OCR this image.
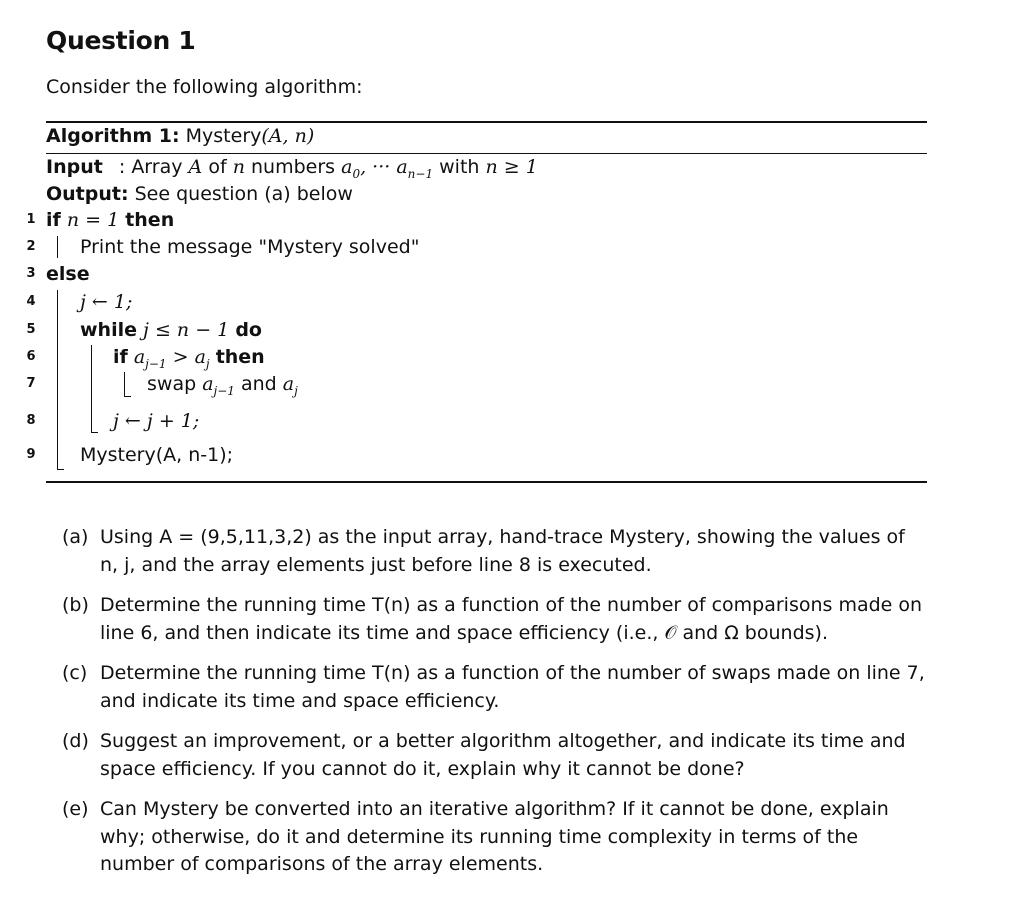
Question 1
Consider the following algorithm:
Algorithm 1: Mystery(A, n)
Input : Array A of n numbers $a_0$, ··· $a_{n-1}$ with n ≥ 1
Output: See question (a) below
1
2
3
4
5
6
7
8
9
if n = 1 then
Print the message "Mystery solved"
else
j ← 1;
while j ≤ n − 1 do
if $a_{j-1} > a_j$ then
swap $a_{j-1}$ and $a_j$
j ← j + 1;
Mystery(A, n-1);
(a) Using A = (9,5,11,3,2) as the input array, hand-trace Mystery, showing the values of n, j, and the array elements just before line 8 is executed.
(b) Determine the running time T(n) as a function of the number of comparisons made on line 6, and then indicate its time and space efficiency (i.e., 𝒪 and Ω bounds).
(c) Determine the running time T(n) as a function of the number of swaps made on line 7, and indicate its time and space efficiency.
(d) Suggest an improvement, or a better algorithm altogether, and indicate its time and space efficiency. If you cannot do it, explain why it cannot be done?
(e) Can Mystery be converted into an iterative algorithm? If it cannot be done, explain why; otherwise, do it and determine its running time complexity in terms of the number of comparisons of the array elements.
